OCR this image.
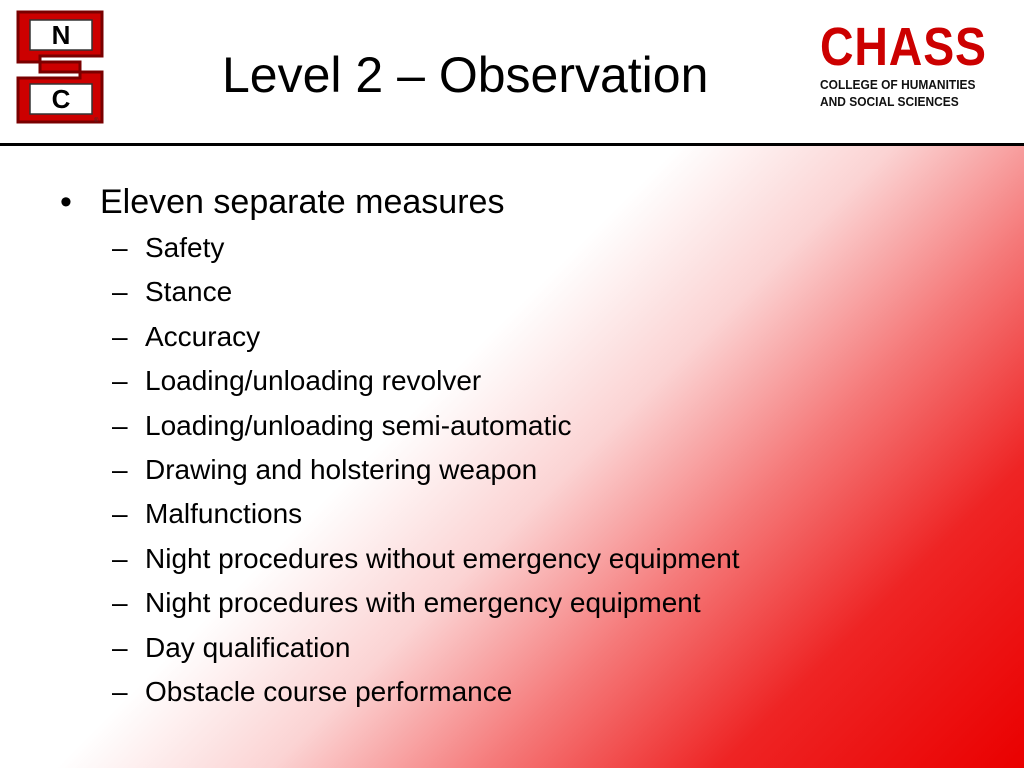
N
C
®
Level 2 – Observation	CHASS
COLLEGE OF HUMANITIES
AND SOCIAL SCIENCES
• Eleven separate measures
– Safety
– Stance
– Accuracy
– Loading/unloading revolver
– Loading/unloading semi-automatic
– Drawing and holstering weapon
– Malfunctions
– Night procedures without emergency equipment
– Night procedures with emergency equipment
– Day qualification
– Obstacle course performance
